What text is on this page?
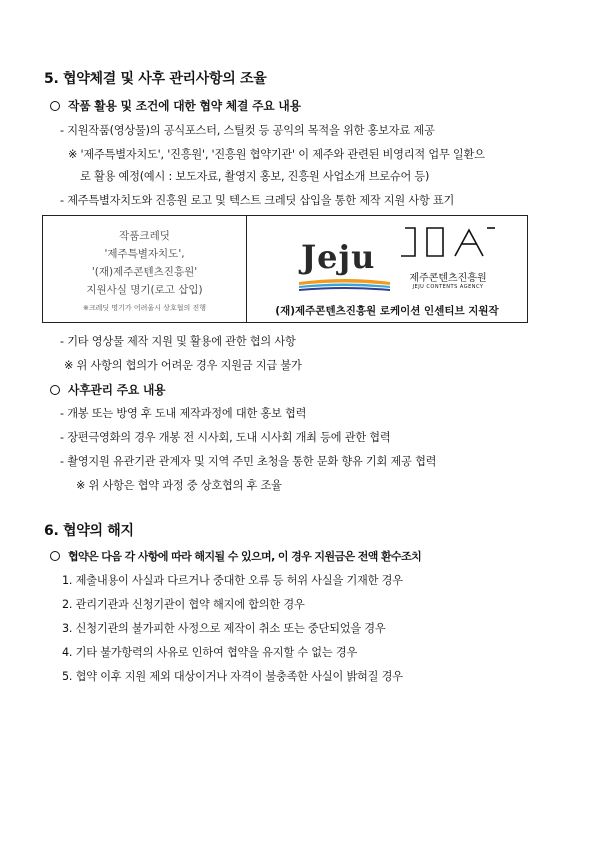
5. 협약체결 및 사후 관리사항의 조율
작품 활용 및 조건에 대한 협약 체결 주요 내용
- 지원작품(영상물)의 공식포스터, 스틸컷 등 공익의 목적을 위한 홍보자료 제공
※ '제주특별자치도', '진흥원', '진흥원 협약기관' 이 제주와 관련된 비영리적 업무 일환으
로 활용 예정(예시 : 보도자료, 촬영지 홍보, 진흥원 사업소개 브로슈어 등)
- 제주특별자치도와 진흥원 로고 및 텍스트 크레딧 삽입을 통한 제작 지원 사항 표기
작품크레딧
'제주특별자치도',
'(재)제주콘텐츠진흥원'
지원사실 명기(로고 삽입)
※크레딧 명기가 어려울시 상호협의 진행
Jeju
제주콘텐츠진흥원
JEJU CONTENTS AGENCY
(재)제주콘텐츠진흥원 로케이션 인센티브 지원작
- 기타 영상물 제작 지원 및 활용에 관한 협의 사항
※ 위 사항의 협의가 어려운 경우 지원금 지급 불가
사후관리 주요 내용
- 개봉 또는 방영 후 도내 제작과정에 대한 홍보 협력
- 장편극영화의 경우 개봉 전 시사회, 도내 시사회 개최 등에 관한 협력
- 촬영지원 유관기관 관계자 및 지역 주민 초청을 통한 문화 향유 기회 제공 협력
※ 위 사항은 협약 과정 중 상호협의 후 조율
6. 협약의 해지
협약은 다음 각 사항에 따라 해지될 수 있으며, 이 경우 지원금은 전액 환수조치
1. 제출내용이 사실과 다르거나 중대한 오류 등 허위 사실을 기재한 경우
2. 관리기관과 신청기관이 협약 해지에 합의한 경우
3. 신청기관의 불가피한 사정으로 제작이 취소 또는 중단되었을 경우
4. 기타 불가항력의 사유로 인하여 협약을 유지할 수 없는 경우
5. 협약 이후 지원 제외 대상이거나 자격이 불충족한 사실이 밝혀질 경우
